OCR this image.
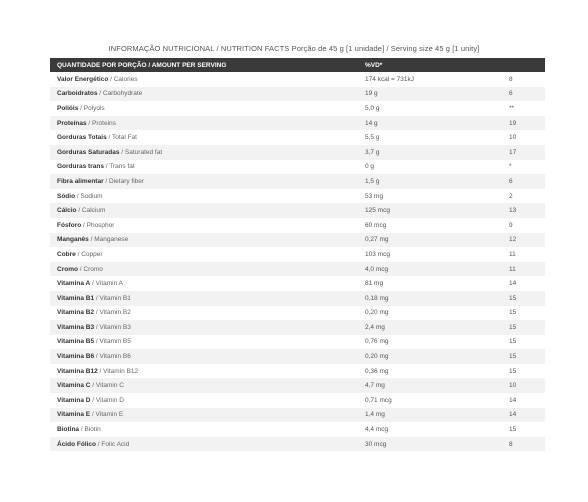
INFORMAÇÃO NUTRICIONAL / NUTRITION FACTS Porção de 45 g [1 unidade] / Serving size 45 g [1 unity]
QUANTIDADE POR PORÇÃO / AMOUNT PER SERVING	%VD*
Valor Energético / Calories	174 kcal = 731kJ	8
Carboidratos / Carbohydrate	19 g	6
Polióis / Polyols	5,0 g	**
Proteínas / Proteins	14 g	19
Gorduras Totais / Total Fat	5,5 g	10
Gorduras Saturadas / Saturated fat	3,7 g	17
Gorduras trans / Trans fat	0 g	*
Fibra alimentar / Dietary fiber	1,5 g	6
Sódio / Sodium	53 mg	2
Cálcio / Calcium	125 mcg	13
Fósforo / Phosphor	60 mcg	9
Manganês / Manganese	0,27 mg	12
Cobre / Copper	103 mcg	11
Cromo / Cromo	4,0 mcg	11
Vitamina A / Vitamin A	81 mg	14
Vitamina B1 / Vitamin B1	0,18 mg	15
Vitamina B2 / Vitamin B2	0,20 mg	15
Vitamina B3 / Vitamin B3	2,4 mg	15
Vitamina B5 / Vitamin B5	0,76 mg	15
Vitamina B6 / Vitamin B6	0,20 mg	15
Vitamina B12 / Vitamin B12	0,36 mg	15
Vitamina C / Vitamin C	4,7 mg	10
Vitamina D / Vitamin D	0,71 mcg	14
Vitamina E / Vitamin E	1,4 mg	14
Biotina / Biotin	4,4 mcg	15
Ácido Fólico / Folic Acid	30 mcg	8
